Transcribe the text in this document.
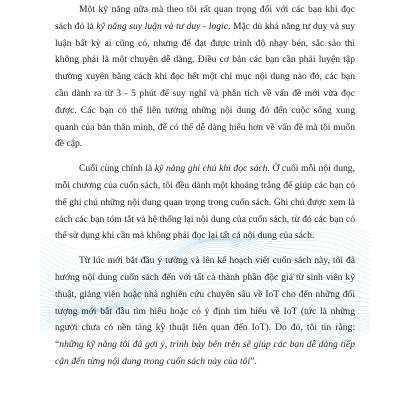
Một kỹ năng nữa mà theo tôi rất quan trọng đối với các bạn khi đọc sách đó là kỹ năng suy luận và tư duy - logic. Mặc dù khả năng tư duy và suy luận bất kỳ ai cũng có, nhưng để đạt được trình độ nhạy bén, sắc sảo thì không phải là một chuyện dễ dàng. Điều cơ bản các bạn cần phải luyện tập thường xuyên bằng cách khi đọc hết một chỉ mục nội dung nào đó, các bạn cần dành ra từ 3 - 5 phút để suy nghĩ và phân tích về vấn đề mới vừa đọc được. Các bạn có thể liên tưởng những nội dung đó đến cuộc sống xung quanh của bản thân mình, để có thể dễ dàng hiểu hơn về vấn đề mà tôi muốn đề cập.

Cuối cùng chính là kỹ năng ghi chú khi đọc sách. Ở cuối mỗi nội dung, mỗi chương của cuốn sách, tôi đều dành một khoảng trắng để giúp các bạn có thể ghi chú những nội dung quan trọng trong cuốn sách. Ghi chú được xem là cách các bạn tóm tắt và hệ thống lại nội dung của cuốn sách, từ đó các bạn có thể sử dụng khi cần mà không phải đọc lại tất cả nội dung của sách.

Từ lúc mới bắt đầu ý tưởng và lên kế hoạch viết cuốn sách này, tôi đã hướng nội dung cuốn sách đến với tất cả thành phần độc giả từ sinh viên kỹ thuật, giảng viên hoặc nhà nghiên cứu chuyên sâu về IoT cho đến những đối tượng mới bắt đầu tìm hiểu hoặc có ý định tìm hiểu về IoT (tức là những người chưa có nền tảng kỹ thuật liên quan đến IoT). Do đó, tôi tin rằng: “những kỹ năng tôi đã gợi ý, trình bày bên trên sẽ giúp các bạn dễ dàng tiếp cận đến từng nội dung trong cuốn sách này của tôi”.
